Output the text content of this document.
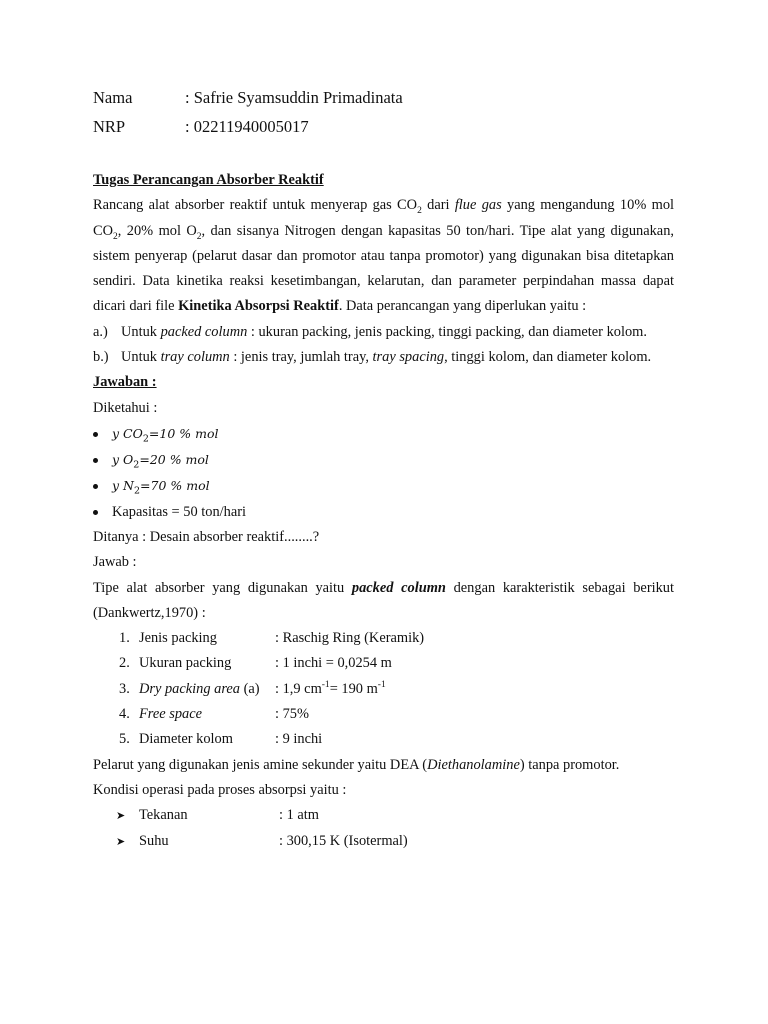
Nama	: Safrie Syamsuddin Primadinata
NRP	: 02211940005017
Tugas Perancangan Absorber Reaktif

Rancang alat absorber reaktif untuk menyerap gas $CO_2$ dari flue gas yang mengandung 10% mol $CO_2$, 20% mol $O_2$, dan sisanya Nitrogen dengan kapasitas 50 ton/hari. Tipe alat yang digunakan, sistem penyerap (pelarut dasar dan promotor atau tanpa promotor) yang digunakan bisa ditetapkan sendiri. Data kinetika reaksi kesetimbangan, kelarutan, dan parameter perpindahan massa dapat dicari dari file Kinetika Absorpsi Reaktif. Data perancangan yang diperlukan yaitu :

a.) Untuk packed column : ukuran packing, jenis packing, tinggi packing, dan diameter kolom.
b.) Untuk tray column : jenis tray, jumlah tray, tray spacing, tinggi kolom, dan diameter kolom.
Jawaban :
Diketahui :
y $CO_2=10$ % mol
y $O_2=20$ % mol
y $N_2=70$ % mol
Kapasitas = 50 ton/hari
Ditanya : Desain absorber reaktif........?
Jawab :

Tipe alat absorber yang digunakan yaitu packed column dengan karakteristik sebagai berikut (Dankwertz,1970) :

1. Jenis packing	: Raschig Ring (Keramik)
2. Ukuran packing	: 1 inchi = 0,0254 m
3. Dry packing area (a)	: 1,9 $cm^{-1}= 190$ $m^{-1}$
4. Free space	: 75%
5. Diameter kolom	: 9 inchi
Pelarut yang digunakan jenis amine sekunder yaitu DEA (Diethanolamine) tanpa promotor.
Kondisi operasi pada proses absorpsi yaitu :
➤ Tekanan	: 1 atm
➤ Suhu	: 300,15 K (Isotermal)
